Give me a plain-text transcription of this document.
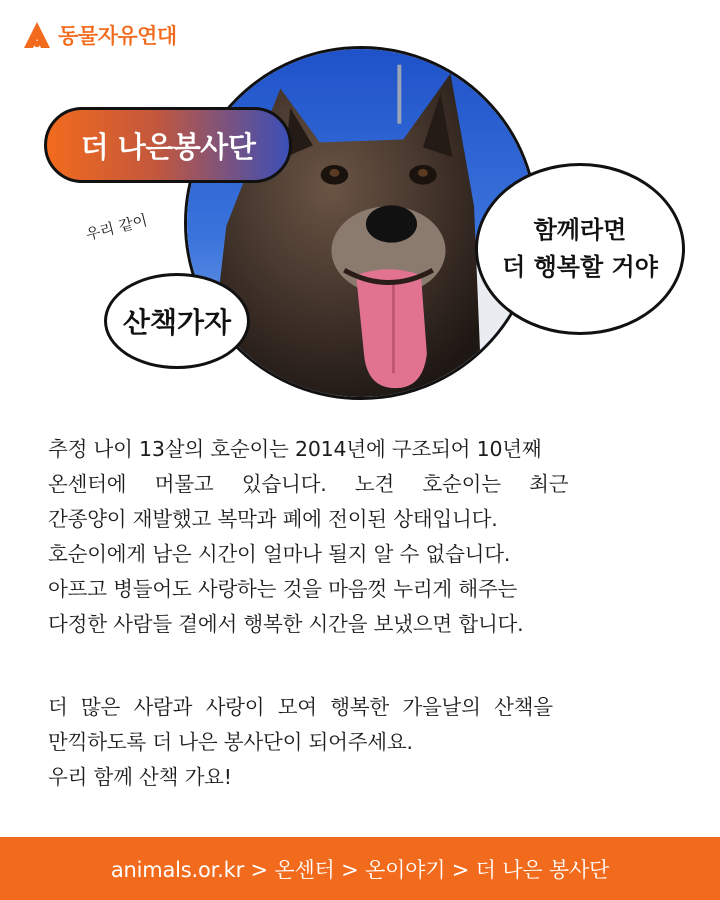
동물자유연대
더 나은봉사단
우리 같이
산책가자
함께라면
더 행복할 거야
추정 나이 13살의 호순이는 2014년에 구조되어 10년째
온센터에 머물고 있습니다. 노견 호순이는 최근
간종양이 재발했고 복막과 폐에 전이된 상태입니다.
호순이에게 남은 시간이 얼마나 될지 알 수 없습니다.
아프고 병들어도 사랑하는 것을 마음껏 누리게 해주는
다정한 사람들 곁에서 행복한 시간을 보냈으면 합니다.
더 많은 사람과 사랑이 모여 행복한 가을날의 산책을
만끽하도록 더 나은 봉사단이 되어주세요.
우리 함께 산책 가요!
animals.or.kr > 온센터 > 온이야기 > 더 나은 봉사단
